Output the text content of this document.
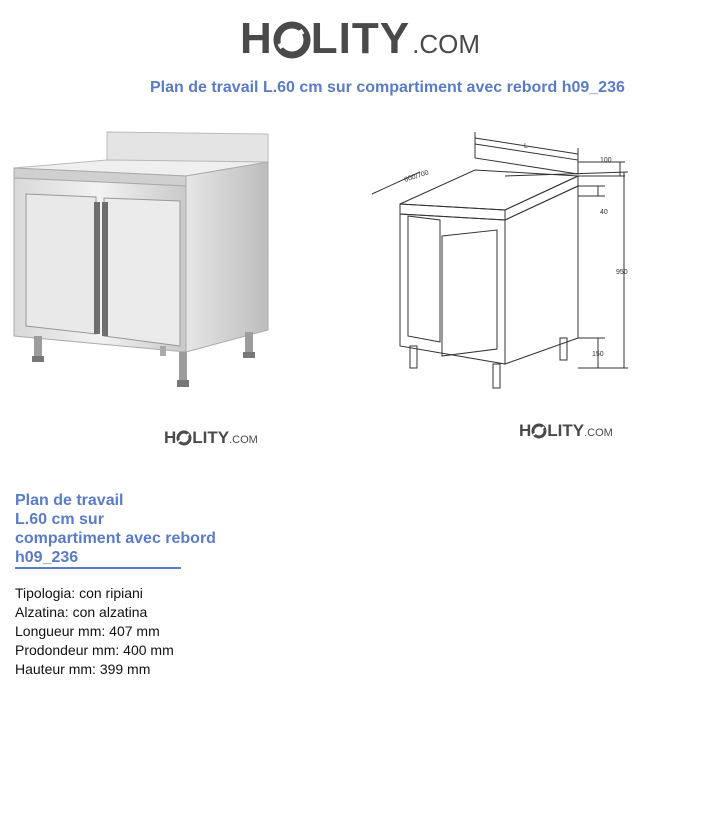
H LITY .COM
Plan de travail L.60 cm sur compartiment avec rebord h09_236
L
600/700
100
40
950
150
H LITY .COM	H LITY .COM
Plan de travail
L.60 cm sur
compartiment avec rebord
h09_236
Tipologia: con ripiani
Alzatina: con alzatina
Longueur mm: 407 mm
Prodondeur mm: 400 mm
Hauteur mm: 399 mm
